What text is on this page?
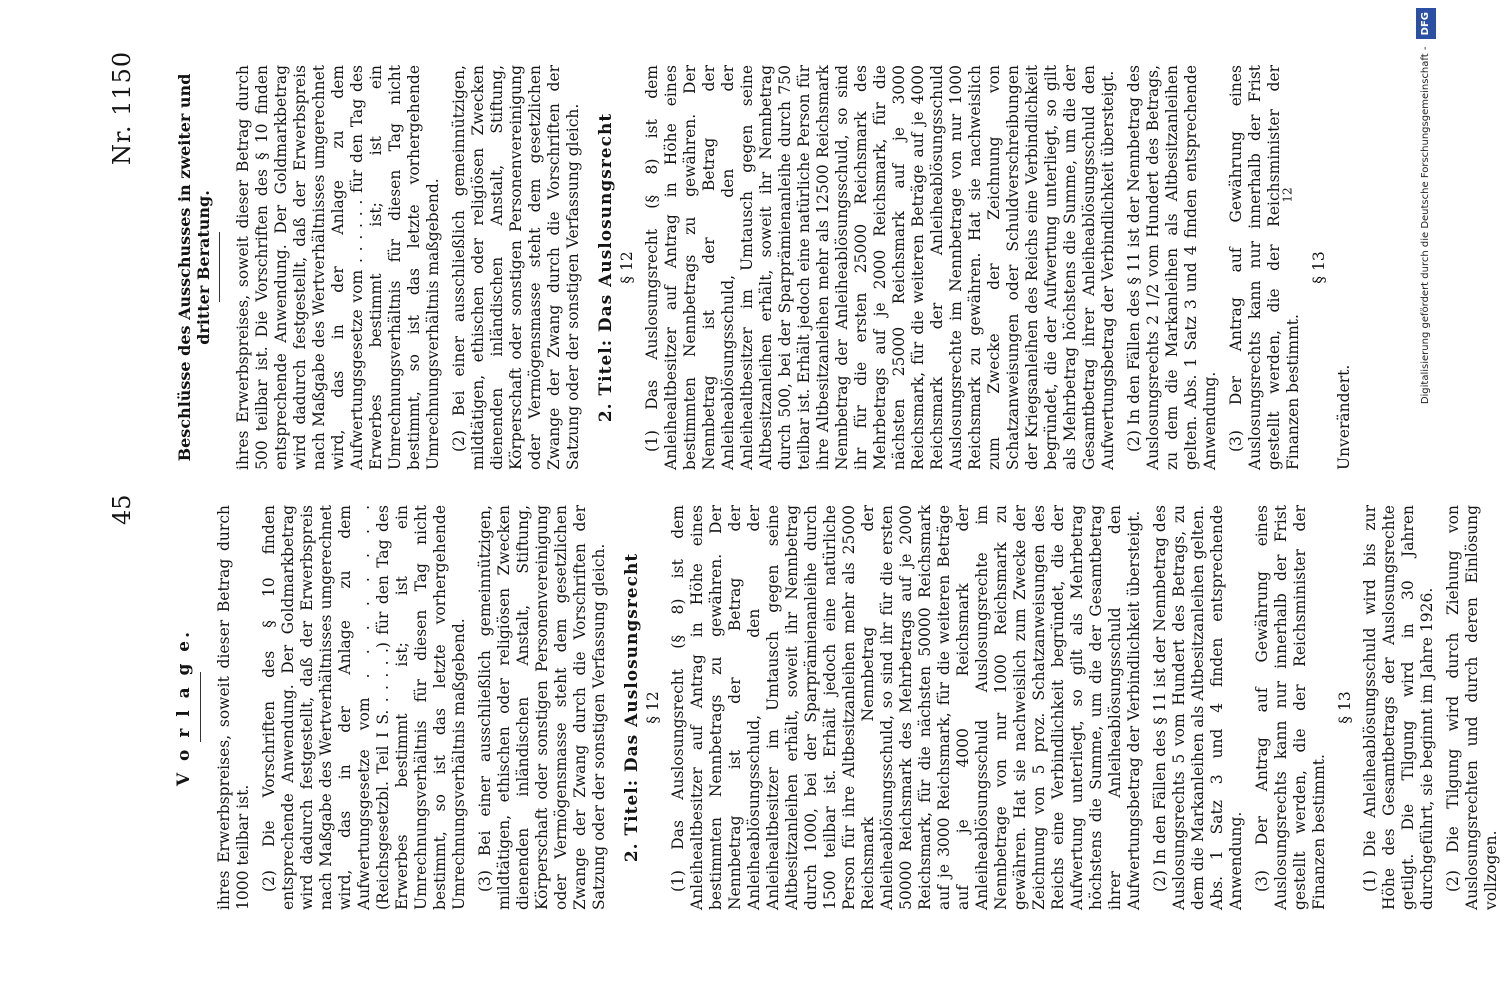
45
Nr. 1150
V o r l a g e. ihres Erwerbspreises, soweit dieser Betrag durch 1000 teilbar ist. (2) Die Vorschriften des § 10 finden entsprechende Anwendung. Der Goldmarkbetrag wird dadurch festgestellt, daß der Erwerbspreis nach Maßgabe des Wertverhältnisses umgerechnet wird, das in der Anlage zu dem Aufwertungsgesetze vom . . . . . . . . (Reichsgesetzbl. Teil I S. . . . . .) für den Tag des Erwerbes bestimmt ist; ist ein Umrechnungsverhältnis für diesen Tag nicht bestimmt, so ist das letzte vorhergehende Umrechnungsverhältnis maßgebend. (3) Bei einer ausschließlich gemeinnützigen, mildtätigen, ethischen oder religiösen Zwecken dienenden inländischen Anstalt, Stiftung, Körperschaft oder sonstigen Personenvereinigung oder Vermögensmasse steht dem gesetzlichen Zwange der Zwang durch die Vorschriften der Satzung oder der sonstigen Verfassung gleich. 2. Titel: Das Auslosungsrecht § 12 (1) Das Auslosungsrecht (§ 8) ist dem Anleihealtbesitzer auf Antrag in Höhe eines bestimmten Nennbetrags zu gewähren. Der Nennbetrag ist der Betrag der Anleiheablösungsschuld, den der Anleihealtbesitzer im Umtausch gegen seine Altbesitzanleihen erhält, soweit ihr Nennbetrag durch 1000, bei der Sparprämienanleihe durch 1500 teilbar ist. Erhält jedoch eine natürliche Person für ihre Altbesitzanleihen mehr als 25000 Reichsmark Nennbetrag der Anleiheablösungsschuld, so sind ihr für die ersten 50000 Reichsmark des Mehrbetrags auf je 2000 Reichsmark, für die nächsten 50000 Reichsmark auf je 3000 Reichsmark, für die weiteren Beträge auf je 4000 Reichsmark der Anleiheablösungsschuld Auslosungsrechte im Nennbetrage von nur 1000 Reichsmark zu gewähren. Hat sie nachweislich zum Zwecke der Zeichnung von 5 proz. Schatzanweisungen des Reichs eine Verbindlichkeit begründet, die der Aufwertung unterliegt, so gilt als Mehrbetrag höchstens die Summe, um die der Gesamtbetrag ihrer Anleiheablösungsschuld den Aufwertungsbetrag der Verbindlichkeit übersteigt. (2) In den Fällen des § 11 ist der Nennbetrag des Auslosungsrechts 5 vom Hundert des Betrags, zu dem die Markanleihen als Altbesitzanleihen gelten. Abs. 1 Satz 3 und 4 finden entsprechende Anwendung. (3) Der Antrag auf Gewährung eines Auslosungsrechts kann nur innerhalb der Frist gestellt werden, die der Reichsminister der Finanzen bestimmt.

§ 13 (1) Die Anleiheablösungsschuld wird bis zur Höhe des Gesamtbetrags der Auslosungsrechte getilgt. Die Tilgung wird in 30 Jahren durchgeführt, sie beginnt im Jahre 1926. (2) Die Tilgung wird durch Ziehung von Auslosungsrechten und durch deren Einlösung vollzogen.

Beschlüsse des Ausschusses in zweiter und dritter Beratung. ihres Erwerbspreises, soweit dieser Betrag durch 500 teilbar ist. Die Vorschriften des § 10 finden entsprechende Anwendung. Der Goldmarkbetrag wird dadurch festgestellt, daß der Erwerbspreis nach Maßgabe des Wertverhältnisses umgerechnet wird, das in der Anlage zu dem Aufwertungsgesetze vom . . . . . . für den Tag des Erwerbes bestimmt ist; ist ein Umrechnungsverhältnis für diesen Tag nicht bestimmt, so ist das letzte vorhergehende Umrechnungsverhältnis maßgebend. (2) Bei einer ausschließlich gemeinnützigen, mildtätigen, ethischen oder religiösen Zwecken dienenden inländischen Anstalt, Stiftung, Körperschaft oder sonstigen Personenvereinigung oder Vermögensmasse steht dem gesetzlichen Zwange der Zwang durch die Vorschriften der Satzung oder der sonstigen Verfassung gleich. 2. Titel: Das Auslosungsrecht § 12 (1) Das Auslosungsrecht (§ 8) ist dem Anleihealtbesitzer auf Antrag in Höhe eines bestimmten Nennbetrags zu gewähren. Der Nennbetrag ist der Betrag der Anleiheablösungsschuld, den der Anleihealtbesitzer im Umtausch gegen seine Altbesitzanleihen erhält, soweit ihr Nennbetrag durch 500, bei der Sparprämienanleihe durch 750 teilbar ist. Erhält jedoch eine natürliche Person für ihre Altbesitzanleihen mehr als 12500 Reichsmark Nennbetrag der Anleiheablösungsschuld, so sind ihr für die ersten 25000 Reichsmark des Mehrbetrags auf je 2000 Reichsmark, für die nächsten 25000 Reichsmark auf je 3000 Reichsmark, für die weiteren Beträge auf je 4000 Reichsmark der Anleiheablösungsschuld Auslosungsrechte im Nennbetrage von nur 1000 Reichsmark zu gewähren. Hat sie nachweislich zum Zwecke der Zeichnung von Schatzanweisungen oder Schuldverschreibungen der Kriegsanleihen des Reichs eine Verbindlichkeit begründet, die der Aufwertung unterliegt, so gilt als Mehrbetrag höchstens die Summe, um die der Gesamtbetrag ihrer Anleiheablösungsschuld den Aufwertungsbetrag der Verbindlichkeit übersteigt. (2) In den Fällen des § 11 ist der Nennbetrag des Auslosungsrechts 2 1/2 vom Hundert des Betrags, zu dem die Markanleihen als Altbesitzanleihen gelten. Abs. 1 Satz 3 und 4 finden entsprechende Anwendung. (3) Der Antrag auf Gewährung eines Auslosungsrechts kann nur innerhalb der Frist gestellt werden, die der Reichsminister der Finanzen bestimmt.

§ 13

Unverändert.

12	Digitalisierung gefördert durch die Deutsche Forschungsgemeinschaft - DFG
